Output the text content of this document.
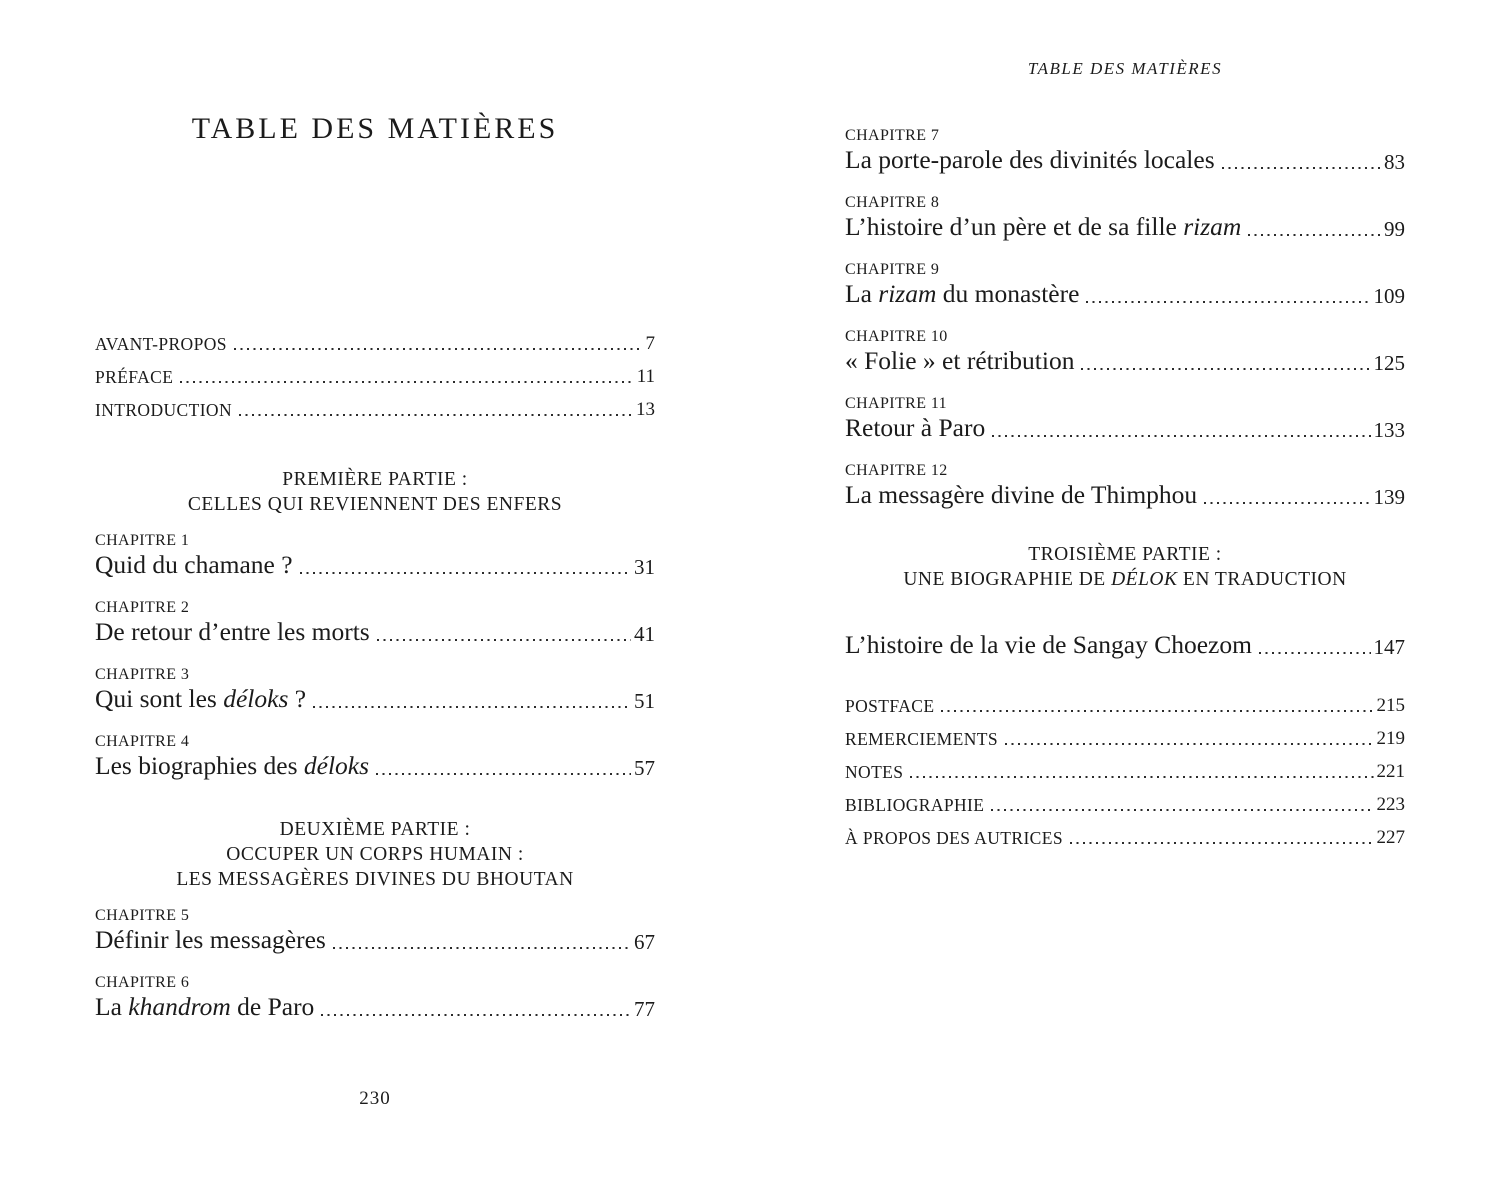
TABLE DES MATIÈRES
AVANT-PROPOS	7
PRÉFACE	11
INTRODUCTION	13
PREMIÈRE PARTIE :
CELLES QUI REVIENNENT DES ENFERS
CHAPITRE 1
Quid du chamane ?	31
CHAPITRE 2
De retour d’entre les morts	41
CHAPITRE 3
Qui sont les déloks ?	51
CHAPITRE 4
Les biographies des déloks	57
DEUXIÈME PARTIE :
OCCUPER UN CORPS HUMAIN :
LES MESSAGÈRES DIVINES DU BHOUTAN
CHAPITRE 5
Définir les messagères	67
CHAPITRE 6
La khandrom de Paro	77
230
TABLE DES MATIÈRES
CHAPITRE 7
La porte-parole des divinités locales	83
CHAPITRE 8
L’histoire d’un père et de sa fille rizam	99
CHAPITRE 9
La rizam du monastère	109
CHAPITRE 10
« Folie » et rétribution	125
CHAPITRE 11
Retour à Paro	133
CHAPITRE 12
La messagère divine de Thimphou	139
TROISIÈME PARTIE :
UNE BIOGRAPHIE DE DÉLOK EN TRADUCTION
L’histoire de la vie de Sangay Choezom	147
POSTFACE	215
REMERCIEMENTS	219
NOTES	221
BIBLIOGRAPHIE	223
À PROPOS DES AUTRICES	227
